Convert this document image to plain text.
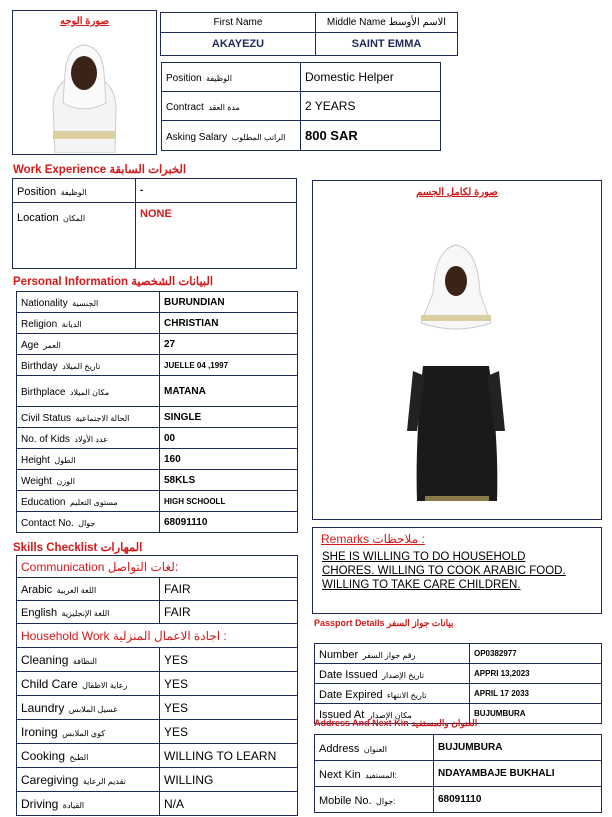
صورة الوجه	First Name	Middle Name الاسم الأوسط
AKAYEZU	SAINT EMMA
Position الوظيفة	Domestic Helper
Contract مدة العقد	2 YEARS
Asking Salary الراتب المطلوب	800 SAR
Work Experience الخبرات السابقة
Position الوظيفة	-
Location المكان	NONE
صورة لكامل الجسم
Personal Information البيانات الشخصية
Nationality الجنسية	BURUNDIAN
Religion الديانة	CHRISTIAN
Age العمر	27
Birthday تاريخ الميلاد	JUELLE 04 ,1997
Birthplace مكان الميلاد	MATANA
Civil Status الحالة الاجتماعية	SINGLE
No. of Kids عدد الأولاد	00
Height الطول	160
Weight الوزن	58KLS
Education مستوى التعليم	HIGH SCHOOLL
Contact No. جوال	68091110
Skills Checklist المهارات
Communication لغات التواصل:	
Arabic اللغة العربية	FAIR
English اللغة الإنجليزية	FAIR
Household Work اجادة الاعمال المنزلية :	
Cleaning النظافة	YES
Child Care رعاية الاطفال	YES
Laundry غسيل الملابس	YES
Ironing كوي الملابس	YES
Cooking الطبخ	WILLING TO LEARN
Caregiving تقديم الرعاية	WILLING
Driving القيادة	N/A
Remarks ملاحظات :
SHE IS WILLING TO DO HOUSEHOLD
CHORES. WILLING TO COOK ARABIC FOOD.
WILLING TO TAKE CARE CHILDREN.
Passport Details بيانات جواز السفر
Number رقم جواز السفر	OP0382977
Date Issued تاريخ الإصدار	APPRI 13,2023
Date Expired تاريخ الانتهاء	APRIL 17 2033
Issued At مكان الإصدار	BUJUMBURA
Address And Next Kin العنوان والمستفيد
Address العنوان	BUJUMBURA
Next Kin المستفيد:	NDAYAMBAJE BUKHALI
Mobile No. جوال:	68091110
